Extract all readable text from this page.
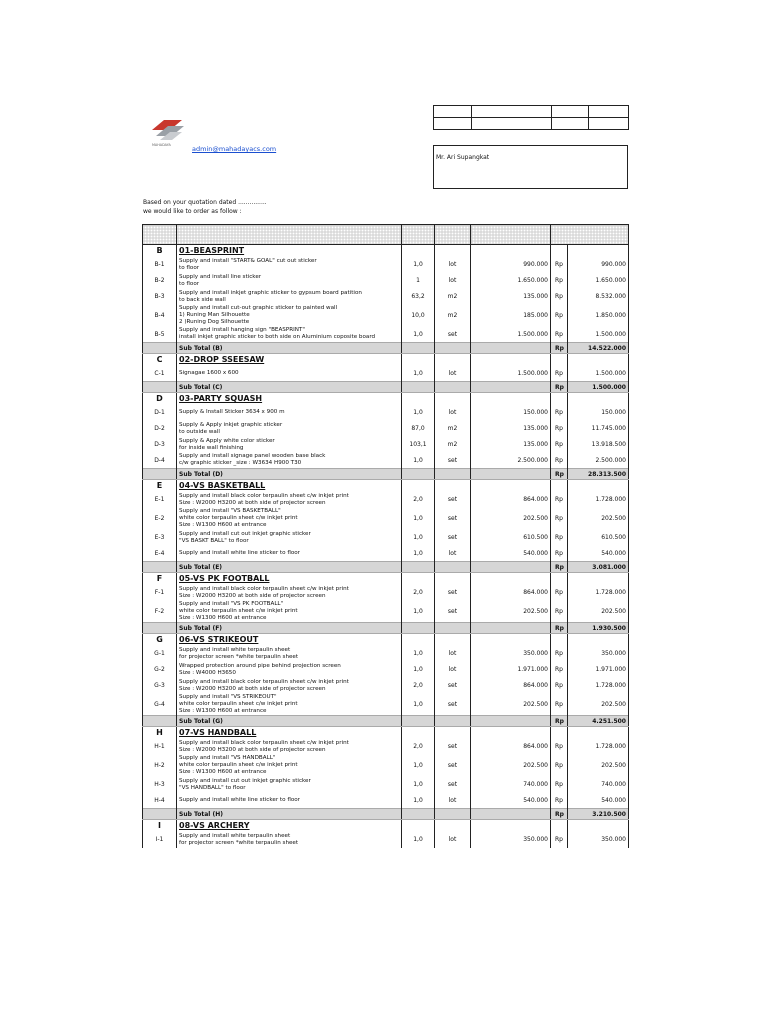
MAHADAYA	admin@mahadayacs.com

Mr. Ari Supangkat
Based on your quotation dated ...............
we would like to order as follow :

B	01-BEASPRINT					
B-1	Supply and install "START& GOAL" cut out sticker
to floor	1,0	lot	990.000	Rp	990.000
B-2	Supply and install line sticker
to floor	1	lot	1.650.000	Rp	1.650.000
B-3	Supply and install inkjet graphic sticker to gypsum board patition
to back side wall	63,2	m2	135.000	Rp	8.532.000
B-4	Supply and install cut-out graphic sticker to painted wall
1) Runing Man Silhouette
2 )Runing Dog Silhouette	10,0	m2	185.000	Rp	1.850.000
B-5	Supply and install hanging sign "BEASPRINT"
install inkjet graphic sticker to both side on Aluminium coposite board	1,0	set	1.500.000	Rp	1.500.000
	Sub Total (B)				Rp	14.522.000
C	02-DROP SSEESAW					
C-1	Signagae 1600 x 600	1,0	lot	1.500.000	Rp	1.500.000
	Sub Total (C)				Rp	1.500.000
D	03-PARTY SQUASH					
D-1	Supply & Install Sticker 3634 x 900 m	1,0	lot	150.000	Rp	150.000
D-2	Supply & Apply inkjet graphic sticker
to outside wall	87,0	m2	135.000	Rp	11.745.000
D-3	Supply & Apply white color sticker
for inside wall finishing	103,1	m2	135.000	Rp	13.918.500
D-4	Supply and install signage panel wooden base black
c/w graphic sticker _size : W3634 H900 T30	1,0	set	2.500.000	Rp	2.500.000
	Sub Total (D)				Rp	28.313.500
E	04-VS BASKETBALL					
E-1	Supply and install black color terpaulin sheet c/w inkjet print
Size : W2000 H3200 at both side of projector screen	2,0	set	864.000	Rp	1.728.000
E-2	Supply and install "VS BASKETBALL"
white color terpaulin sheet c/w inkjet print
Size : W1300 H600 at entrance	1,0	set	202.500	Rp	202.500
E-3	Supply and install cut out inkjet graphic sticker
"VS BASKT BALL" to floor	1,0	set	610.500	Rp	610.500
E-4	Supply and install white line sticker to floor	1,0	lot	540.000	Rp	540.000
	Sub Total (E)				Rp	3.081.000
F	05-VS PK FOOTBALL					
F-1	Supply and install black color terpaulin sheet c/w inkjet print
Size : W2000 H3200 at both side of projector screen	2,0	set	864.000	Rp	1.728.000
F-2	Supply and install "VS PK FOOTBALL"
white color terpaulin sheet c/w inkjet print
Size : W1300 H600 at entrance	1,0	set	202.500	Rp	202.500
	Sub Total (F)				Rp	1.930.500
G	06-VS STRIKEOUT					
G-1	Supply and install white terpaulin sheet
for projector screen *white terpaulin sheet	1,0	lot	350.000	Rp	350.000
G-2	Wrapped protection around pipe behind projection screen
Size : W4000 H3650	1,0	lot	1.971.000	Rp	1.971.000
G-3	Supply and install black color terpaulin sheet c/w inkjet print
Size : W2000 H3200 at both side of projector screen	2,0	set	864.000	Rp	1.728.000
G-4	Supply and install "VS STRIKEOUT"
white color terpaulin sheet c/w inkjet print
Size : W1300 H600 at entrance	1,0	set	202.500	Rp	202.500
	Sub Total (G)				Rp	4.251.500
H	07-VS HANDBALL					
H-1	Supply and install black color terpaulin sheet c/w inkjet print
Size : W2000 H3200 at both side of projector screen	2,0	set	864.000	Rp	1.728.000
H-2	Supply and install "VS HANDBALL"
white color terpaulin sheet c/w inkjet print
Size : W1300 H600 at entrance	1,0	set	202.500	Rp	202.500
H-3	Supply and install cut out inkjet graphic sticker
"VS HANDBALL" to floor	1,0	set	740.000	Rp	740.000
H-4	Supply and install white line sticker to floor	1,0	lot	540.000	Rp	540.000
	Sub Total (H)				Rp	3.210.500
I	08-VS ARCHERY					
I-1	Supply and install white terpaulin sheet
for projector screen *white terpaulin sheet	1,0	lot	350.000	Rp	350.000
